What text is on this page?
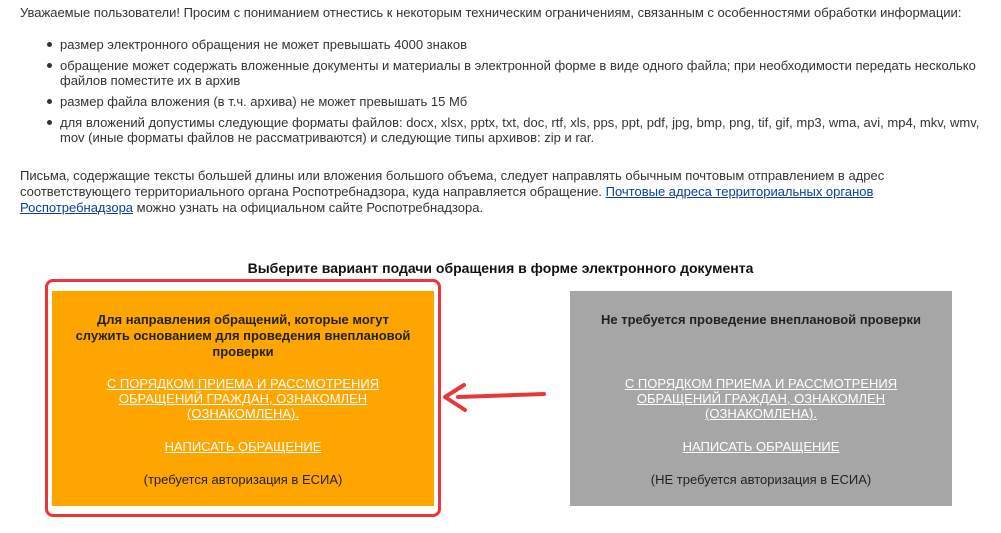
Уважаемые пользователи! Просим с пониманием отнестись к некоторым техническим ограничениям, связанным с особенностями обработки информации:
размер электронного обращения не может превышать 4000 знаков
обращение может содержать вложенные документы и материалы в электронной форме в виде одного файла; при необходимости передать несколько файлов поместите их в архив
размер файла вложения (в т.ч. архива) не может превышать 15 Мб
для вложений допустимы следующие форматы файлов: docx, xlsx, pptx, txt, doc, rtf, xls, pps, ppt, pdf, jpg, bmp, png, tif, gif, mp3, wma, avi, mp4, mkv, wmv, mov (иные форматы файлов не рассматриваются) и следующие типы архивов: zip и rar.
Письма, содержащие тексты большей длины или вложения большого объема, следует направлять обычным почтовым отправлением в адрес соответствующего территориального органа Роспотребнадзора, куда направляется обращение. Почтовые адреса территориальных органов Роспотребнадзора можно узнать на официальном сайте Роспотребнадзора.
Выберите вариант подачи обращения в форме электронного документа
Для направления обращений, которые могут служить основанием для проведения внеплановой проверки
С ПОРЯДКОМ ПРИЕМА И РАССМОТРЕНИЯ ОБРАЩЕНИЙ ГРАЖДАН, ОЗНАКОМЛЕН (ОЗНАКОМЛЕНА).
НАПИСАТЬ ОБРАЩЕНИЕ
(требуется авторизация в ЕСИА)
Не требуется проведение внеплановой проверки
С ПОРЯДКОМ ПРИЕМА И РАССМОТРЕНИЯ ОБРАЩЕНИЙ ГРАЖДАН, ОЗНАКОМЛЕН (ОЗНАКОМЛЕНА).
НАПИСАТЬ ОБРАЩЕНИЕ
(НЕ требуется авторизация в ЕСИА)
